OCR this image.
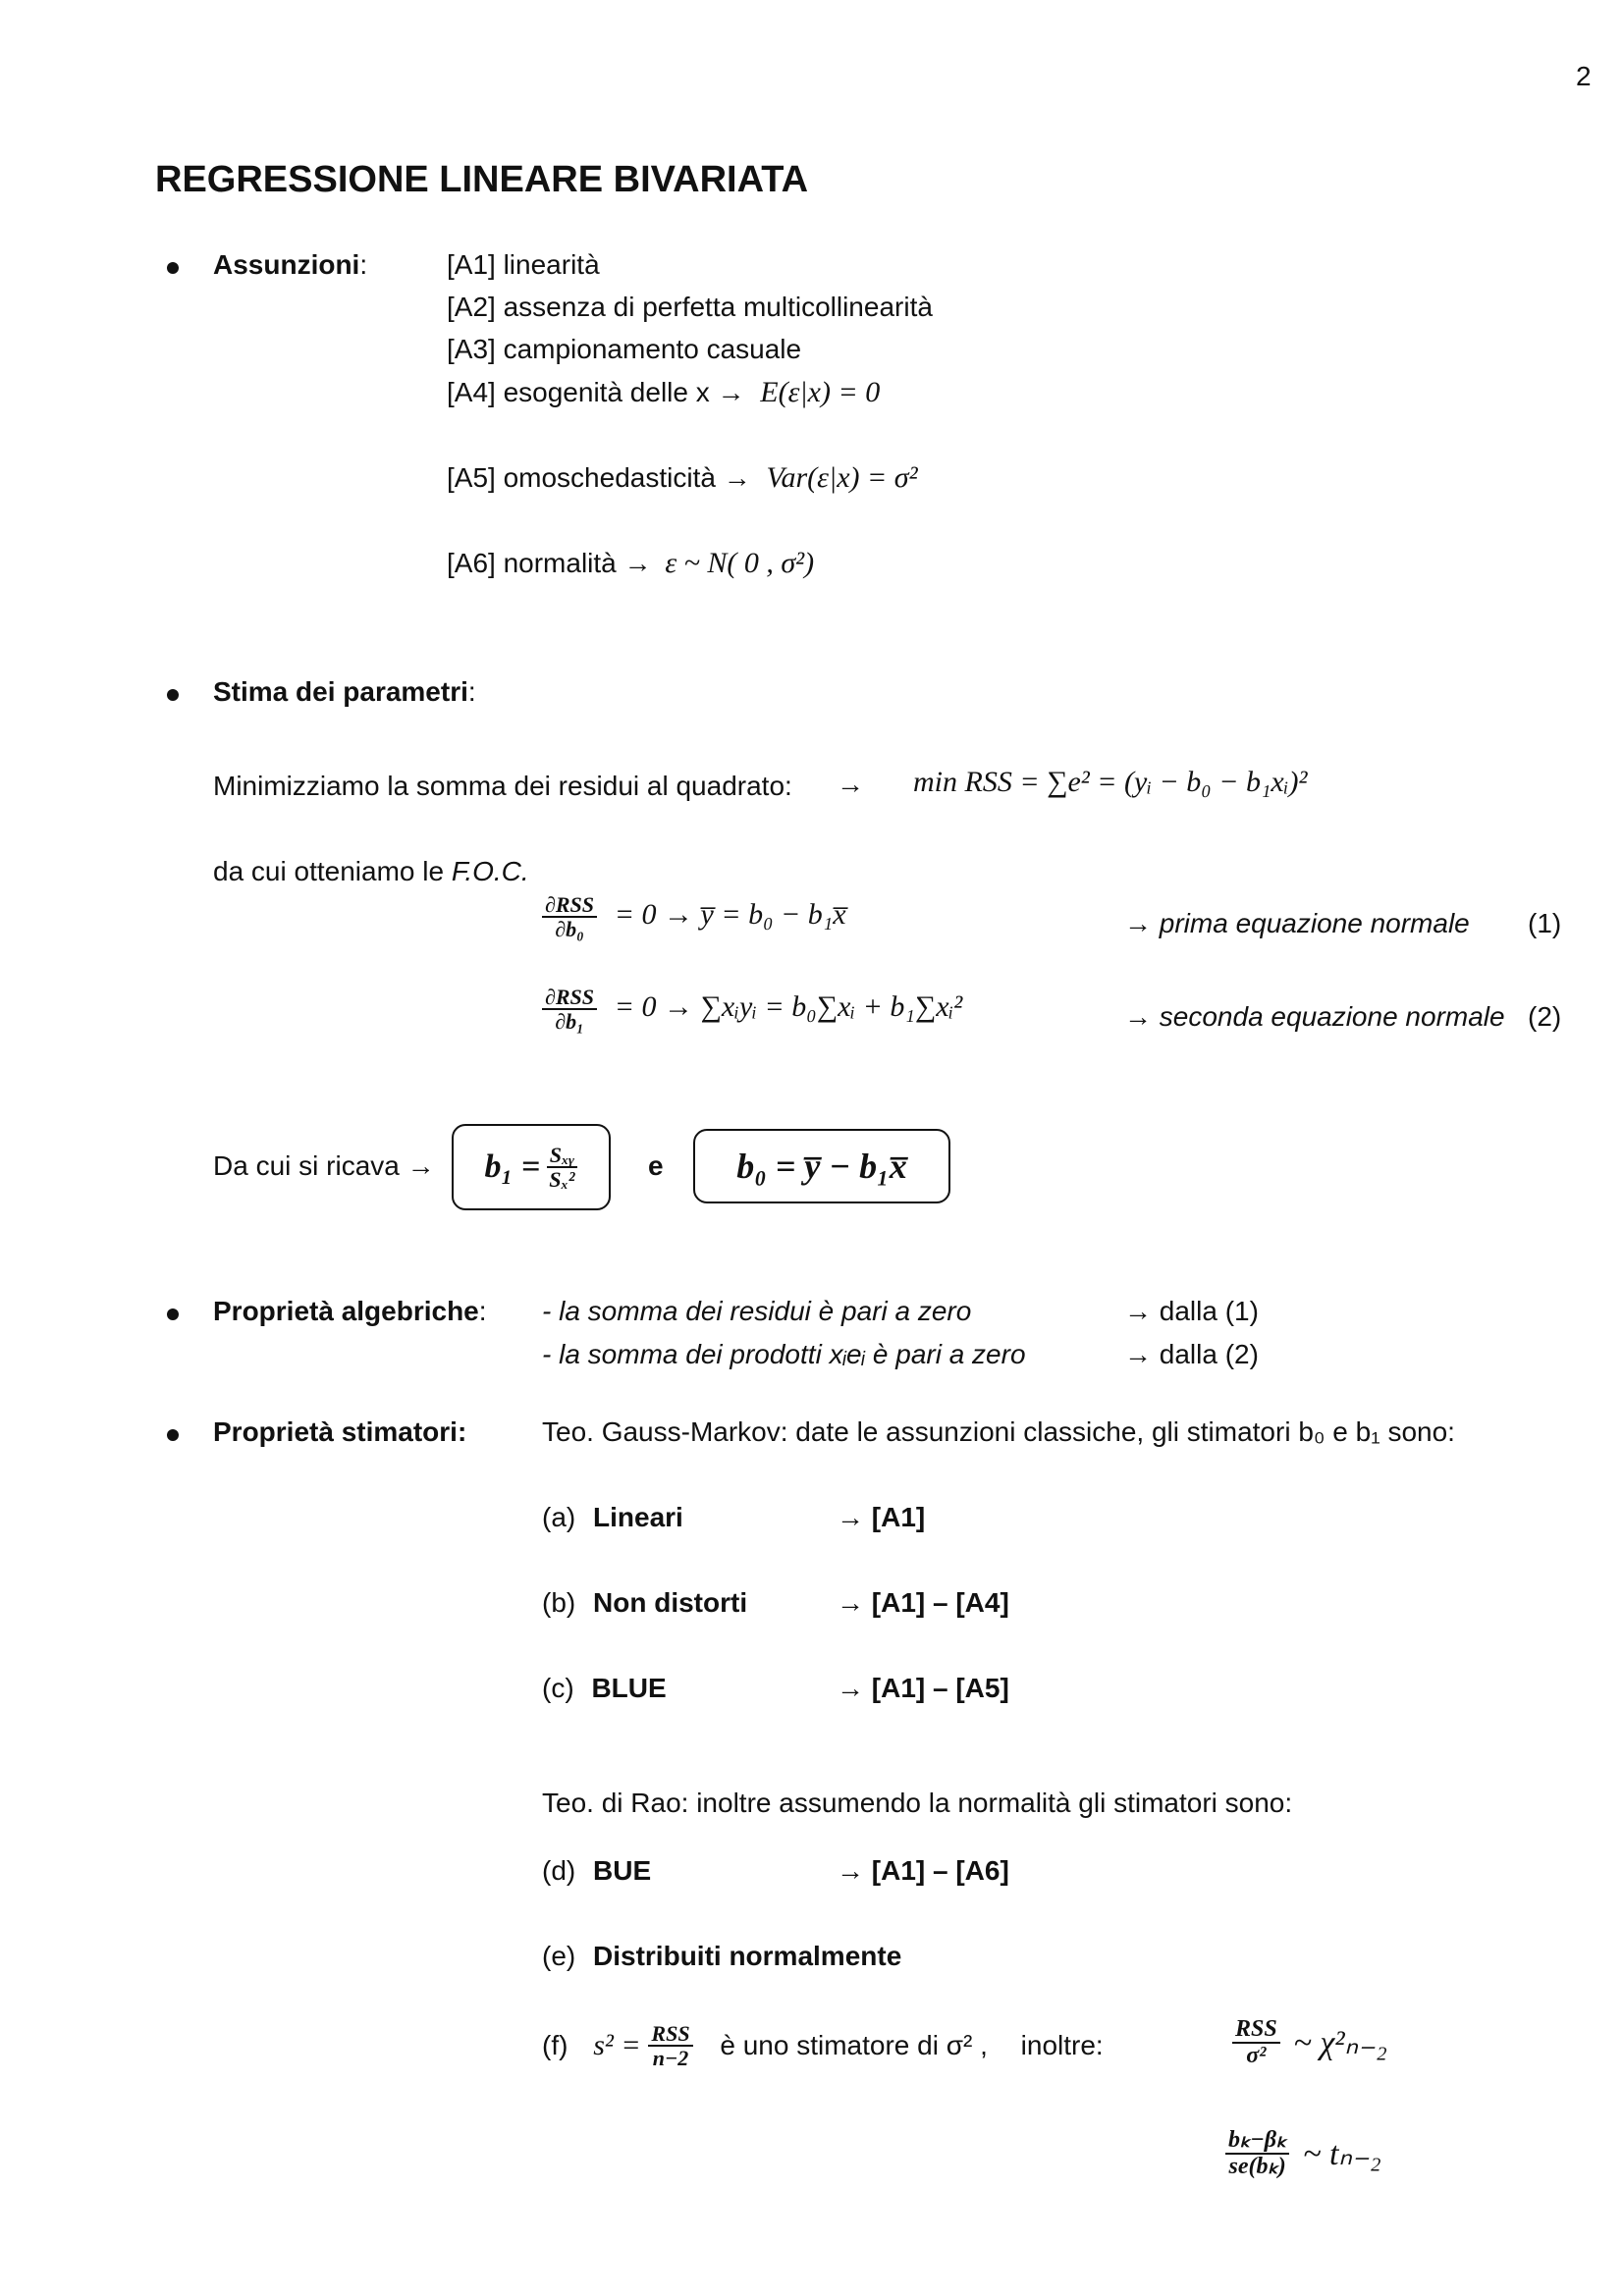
2
REGRESSIONE LINEARE BIVARIATA
Assunzioni:	[A1] linearità
[A2] assenza di perfetta multicollinearità
[A3] campionamento casuale
[A4] esogenità delle x → E(ε|x) = 0
[A5] omoschedasticità → Var(ε|x) = σ²
[A6] normalità → ε ~ N( 0 , σ²)
Stima dei parametri:
Minimizziamo la somma dei residui al quadrato: → min RSS = ∑e² = (yᵢ − b₀ − b₁xᵢ)²
da cui otteniamo le F.O.C.
$\frac{\text{∂RSS}}{\text{∂b₀}} = 0$ → y̅ = b₀ − b₁x̅	→ prima equazione normale (1)
$\frac{\text{∂RSS}}{\text{∂b₁}} = 0$ → ∑xᵢyᵢ = b₀∑xᵢ + b₁∑xᵢ²	→ seconda equazione normale (2)
Da cui si ricava → $b_1 = \frac{\text{Sₓᵧ}}{\text{Sₓ²}}$	e	b₀ = y̅ − b₁x̅
Proprietà algebriche: - la somma dei residui è pari a zero	→ dalla (1)
- la somma dei prodotti xᵢeᵢ è pari a zero	→ dalla (2)
Proprietà stimatori:	Teo. Gauss-Markov: date le assunzioni classiche, gli stimatori b₀ e b₁ sono:
(a) Lineari	→ [A1]
(b) Non distorti	→ [A1] – [A4]
(c) BLUE	→ [A1] – [A5]
Teo. di Rao: inoltre assumendo la normalità gli stimatori sono:
(d) BUE	→ [A1] – [A6]
(e) Distribuiti normalmente
(f) $s^2 = \frac{\text{RSS}}{n-2}$ è uno stimatore di σ² , inoltre:	$\frac{\text{RSS}}{\text{σ²}}$ ~ χ²ₙ₋₂
$\frac{\text{bₖ−βₖ}}{\text{se(bₖ)}}$ ~ tₙ₋₂
